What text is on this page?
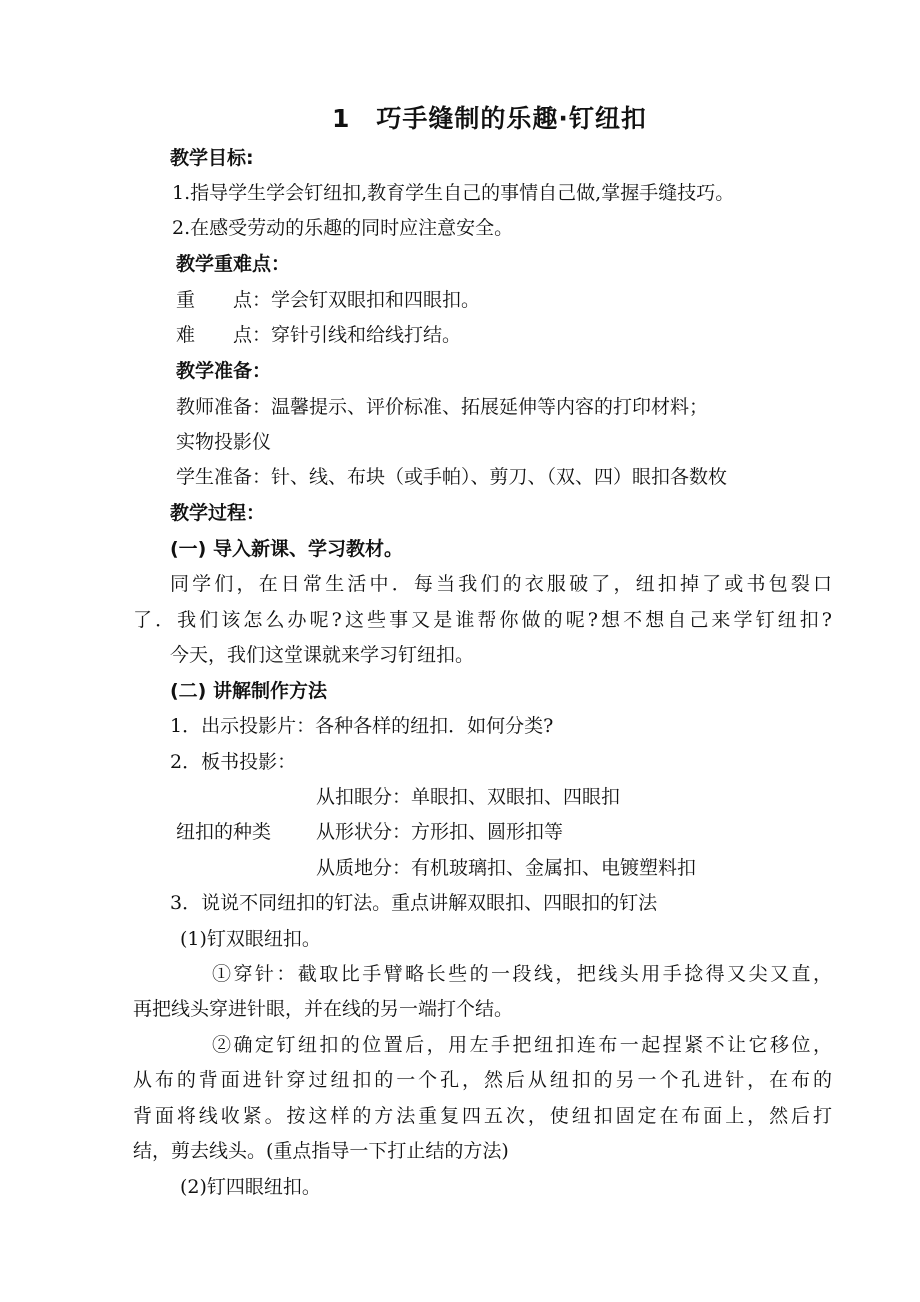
1　巧手缝制的乐趣·钉纽扣
教学目标:
1.指导学生学会钉纽扣,教育学生自己的事情自己做,掌握手缝技巧。
2.在感受劳动的乐趣的同时应注意安全。
教学重难点：
重　　点：学会钉双眼扣和四眼扣。
难　　点：穿针引线和给线打结。
教学准备：
教师准备：温馨提示、评价标准、拓展延伸等内容的打印材料；
实物投影仪
学生准备：针、线、布块（或手帕）、剪刀、（双、四）眼扣各数枚
教学过程：
(一) 导入新课、学习教材。
同学们，在日常生活中．每当我们的衣服破了，纽扣掉了或书包裂口
了．我们该怎么办呢?这些事又是谁帮你做的呢?想不想自己来学钉纽扣?
今天，我们这堂课就来学习钉纽扣。
(二) 讲解制作方法
1．出示投影片：各种各样的纽扣．如何分类?
2．板书投影：
从扣眼分：单眼扣、双眼扣、四眼扣
纽扣的种类 从形状分：方形扣、圆形扣等
从质地分：有机玻璃扣、金属扣、电镀塑料扣
3．说说不同纽扣的钉法。重点讲解双眼扣、四眼扣的钉法
(1)钉双眼纽扣。
①穿针：截取比手臂略长些的一段线，把线头用手捻得又尖又直，
再把线头穿进针眼，并在线的另一端打个结。
②确定钉纽扣的位置后，用左手把纽扣连布一起捏紧不让它移位，
从布的背面进针穿过纽扣的一个孔，然后从纽扣的另一个孔进针，在布的
背面将线收紧。按这样的方法重复四五次，使纽扣固定在布面上，然后打
结，剪去线头。(重点指导一下打止结的方法)
(2)钉四眼纽扣。
